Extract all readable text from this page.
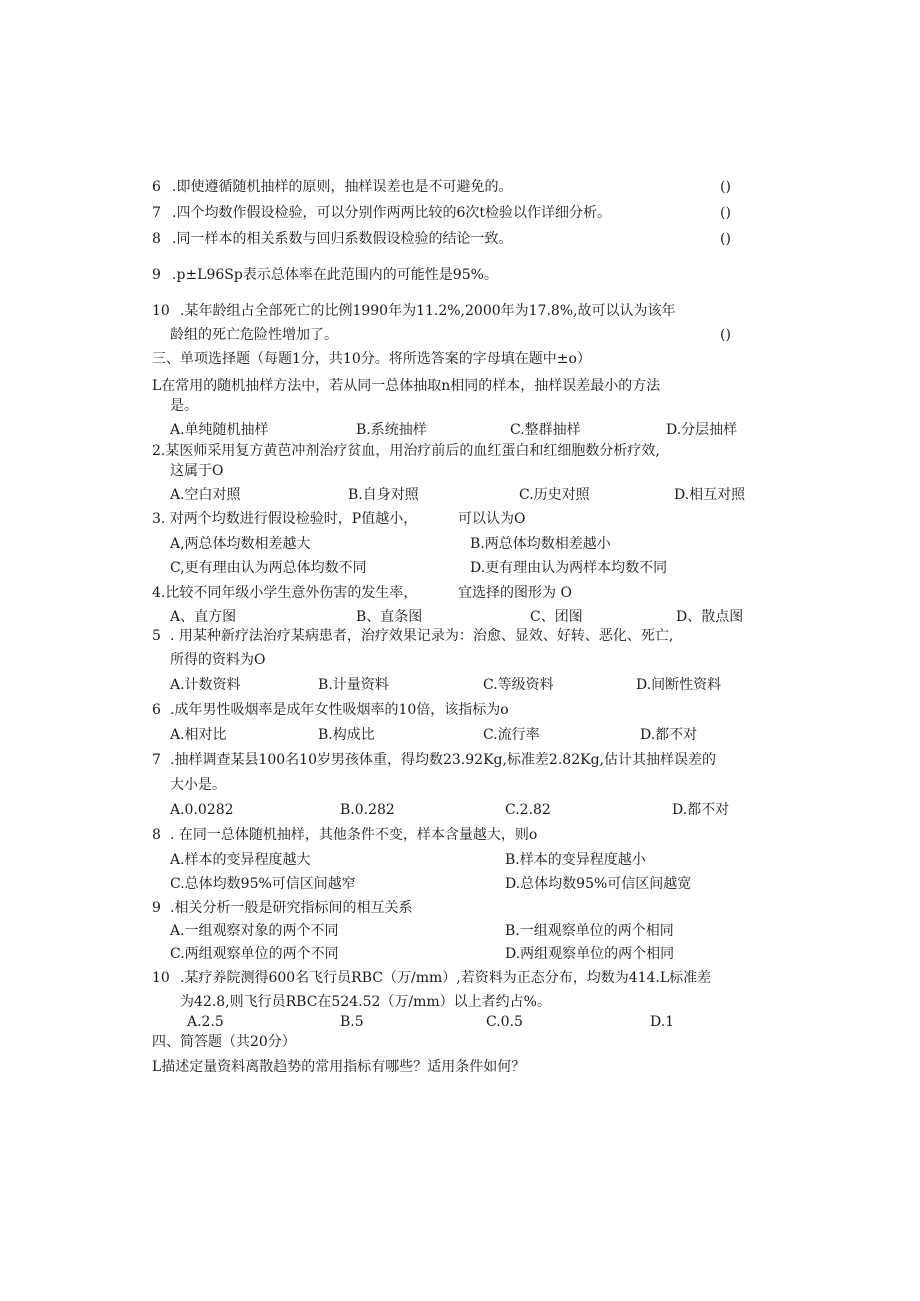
6 .即使遵循随机抽样的原则，抽样误差也是不可避免的。	()
7 .四个均数作假设检验，可以分别作两两比较的6次t检验以作详细分析。	()
8 .同一样本的相关系数与回归系数假设检验的结论一致。	()
9 .p±L96Sp表示总体率在此范围内的可能性是95%。
10 .某年龄组占全部死亡的比例1990年为11.2%,2000年为17.8%,故可以认为该年
龄组的死亡危险性增加了。	()
三、单项选择题（每题1分，共10分。将所选答案的字母填在题中±o）
L在常用的随机抽样方法中，若从同一总体抽取n相同的样本，抽样误差最小的方法
是。
A.单纯随机抽样	B.系统抽样	C.整群抽样	D.分层抽样
2.某医师采用复方黄芭冲剂治疗贫血，用治疗前后的血红蛋白和红细胞数分析疗效,
这属于O
A.空白对照	B.自身对照	C.历史对照	D.相互对照
3. 对两个均数进行假设检验时，P值越小，	可以认为O
A,两总体均数相差越大	B.两总体均数相差越小
C,更有理由认为两总体均数不同	D.更有理由认为两样本均数不同
4.比较不同年级小学生意外伤害的发生率，	宜选择的图形为 O
A、直方图	B、直条图	C、团图	D、散点图
5 . 用某种新疗法治疗某病患者，治疗效果记录为：治愈、显效、好转、恶化、死亡,
所得的资料为O
A.计数资料	B.计量资料	C.等级资料	D.间断性资料
6 .成年男性吸烟率是成年女性吸烟率的10倍，该指标为o
A.相对比	B.构成比	C.流行率	D.都不对
7 .抽样调查某县100名10岁男孩体重，得均数23.92Kg,标准差2.82Kg,估计其抽样误差的
大小是。
A.0.0282	B.0.282	C.2.82	D.都不对
8 . 在同一总体随机抽样，其他条件不变，样本含量越大，则o
A.样本的变异程度越大	B.样本的变异程度越小
C.总体均数95%可信区间越窄	D.总体均数95%可信区间越宽
9 .相关分析一般是研究指标间的相互关系
A.一组观察对象的两个不同	B.一组观察单位的两个相同
C.两组观察单位的两个不同	D.两组观察单位的两个相同
10 .某疗养院测得600名飞行员RBC（万/mm）,若资料为正态分布，均数为414.L标准差
为42.8,则飞行员RBC在524.52（万/mm）以上者约占%。
A.2.5	B.5	C.0.5	D.1
四、简答题（共20分）
L描述定量资料离散趋势的常用指标有哪些？适用条件如何？
